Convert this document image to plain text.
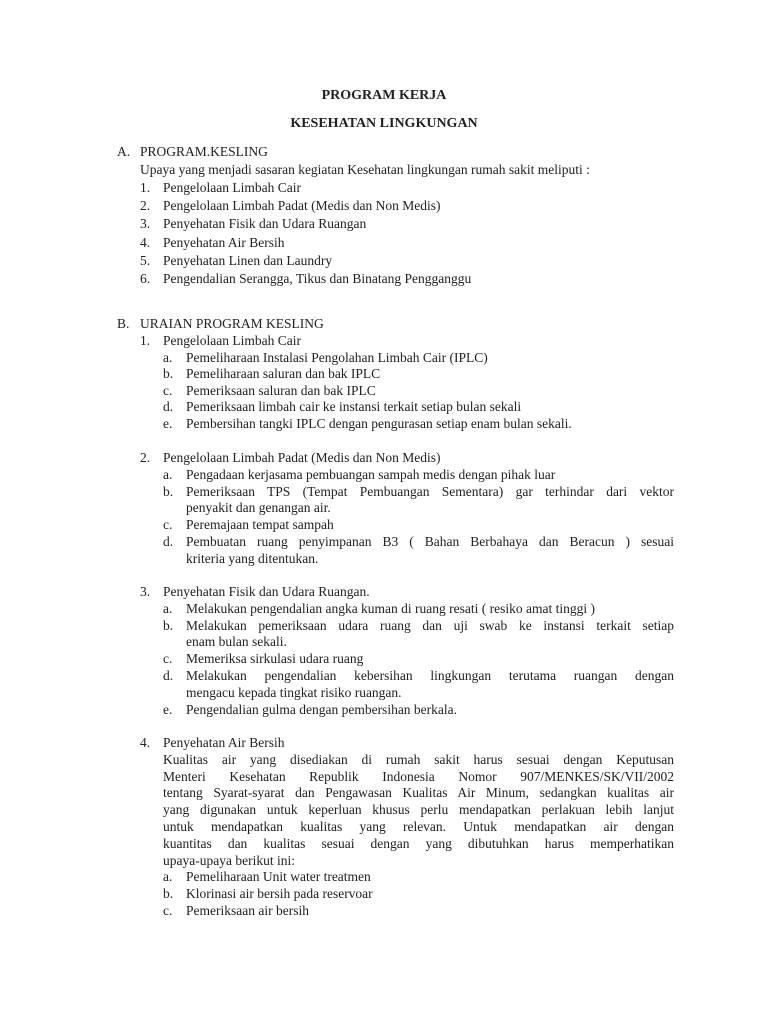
PROGRAM KERJA
KESEHATAN LINGKUNGAN
A. PROGRAM.KESLING
Upaya yang menjadi sasaran kegiatan Kesehatan lingkungan rumah sakit meliputi :
1. Pengelolaan Limbah Cair
2. Pengelolaan Limbah Padat (Medis dan Non Medis)
3. Penyehatan Fisik dan Udara Ruangan
4. Penyehatan Air Bersih
5. Penyehatan Linen dan Laundry
6. Pengendalian Serangga, Tikus dan Binatang Pengganggu
B. URAIAN PROGRAM KESLING
1. Pengelolaan Limbah Cair
a. Pemeliharaan Instalasi Pengolahan Limbah Cair (IPLC)
b. Pemeliharaan saluran dan bak IPLC
c. Pemeriksaan saluran dan bak IPLC
d. Pemeriksaan limbah cair ke instansi terkait setiap bulan sekali
e. Pembersihan tangki IPLC dengan pengurasan setiap enam bulan sekali.
2. Pengelolaan Limbah Padat (Medis dan Non Medis)
a. Pengadaan kerjasama pembuangan sampah medis dengan pihak luar
b. Pemeriksaan TPS (Tempat Pembuangan Sementara) gar terhindar dari vektor
penyakit dan genangan air.
c. Peremajaan tempat sampah
d. Pembuatan ruang penyimpanan B3 ( Bahan Berbahaya dan Beracun ) sesuai
kriteria yang ditentukan.
3. Penyehatan Fisik dan Udara Ruangan.
a. Melakukan pengendalian angka kuman di ruang resati ( resiko amat tinggi )
b. Melakukan pemeriksaan udara ruang dan uji swab ke instansi terkait setiap
enam bulan sekali.
c. Memeriksa sirkulasi udara ruang
d. Melakukan pengendalian kebersihan lingkungan terutama ruangan dengan
mengacu kepada tingkat risiko ruangan.
e. Pengendalian gulma dengan pembersihan berkala.
4. Penyehatan Air Bersih
Kualitas air yang disediakan di rumah sakit harus sesuai dengan Keputusan
Menteri Kesehatan Republik Indonesia Nomor 907/MENKES/SK/VII/2002
tentang Syarat-syarat dan Pengawasan Kualitas Air Minum, sedangkan kualitas air
yang digunakan untuk keperluan khusus perlu mendapatkan perlakuan lebih lanjut
untuk mendapatkan kualitas yang relevan. Untuk mendapatkan air dengan
kuantitas dan kualitas sesuai dengan yang dibutuhkan harus memperhatikan
upaya-upaya berikut ini:
a. Pemeliharaan Unit water treatmen
b. Klorinasi air bersih pada reservoar
c. Pemeriksaan air bersih
